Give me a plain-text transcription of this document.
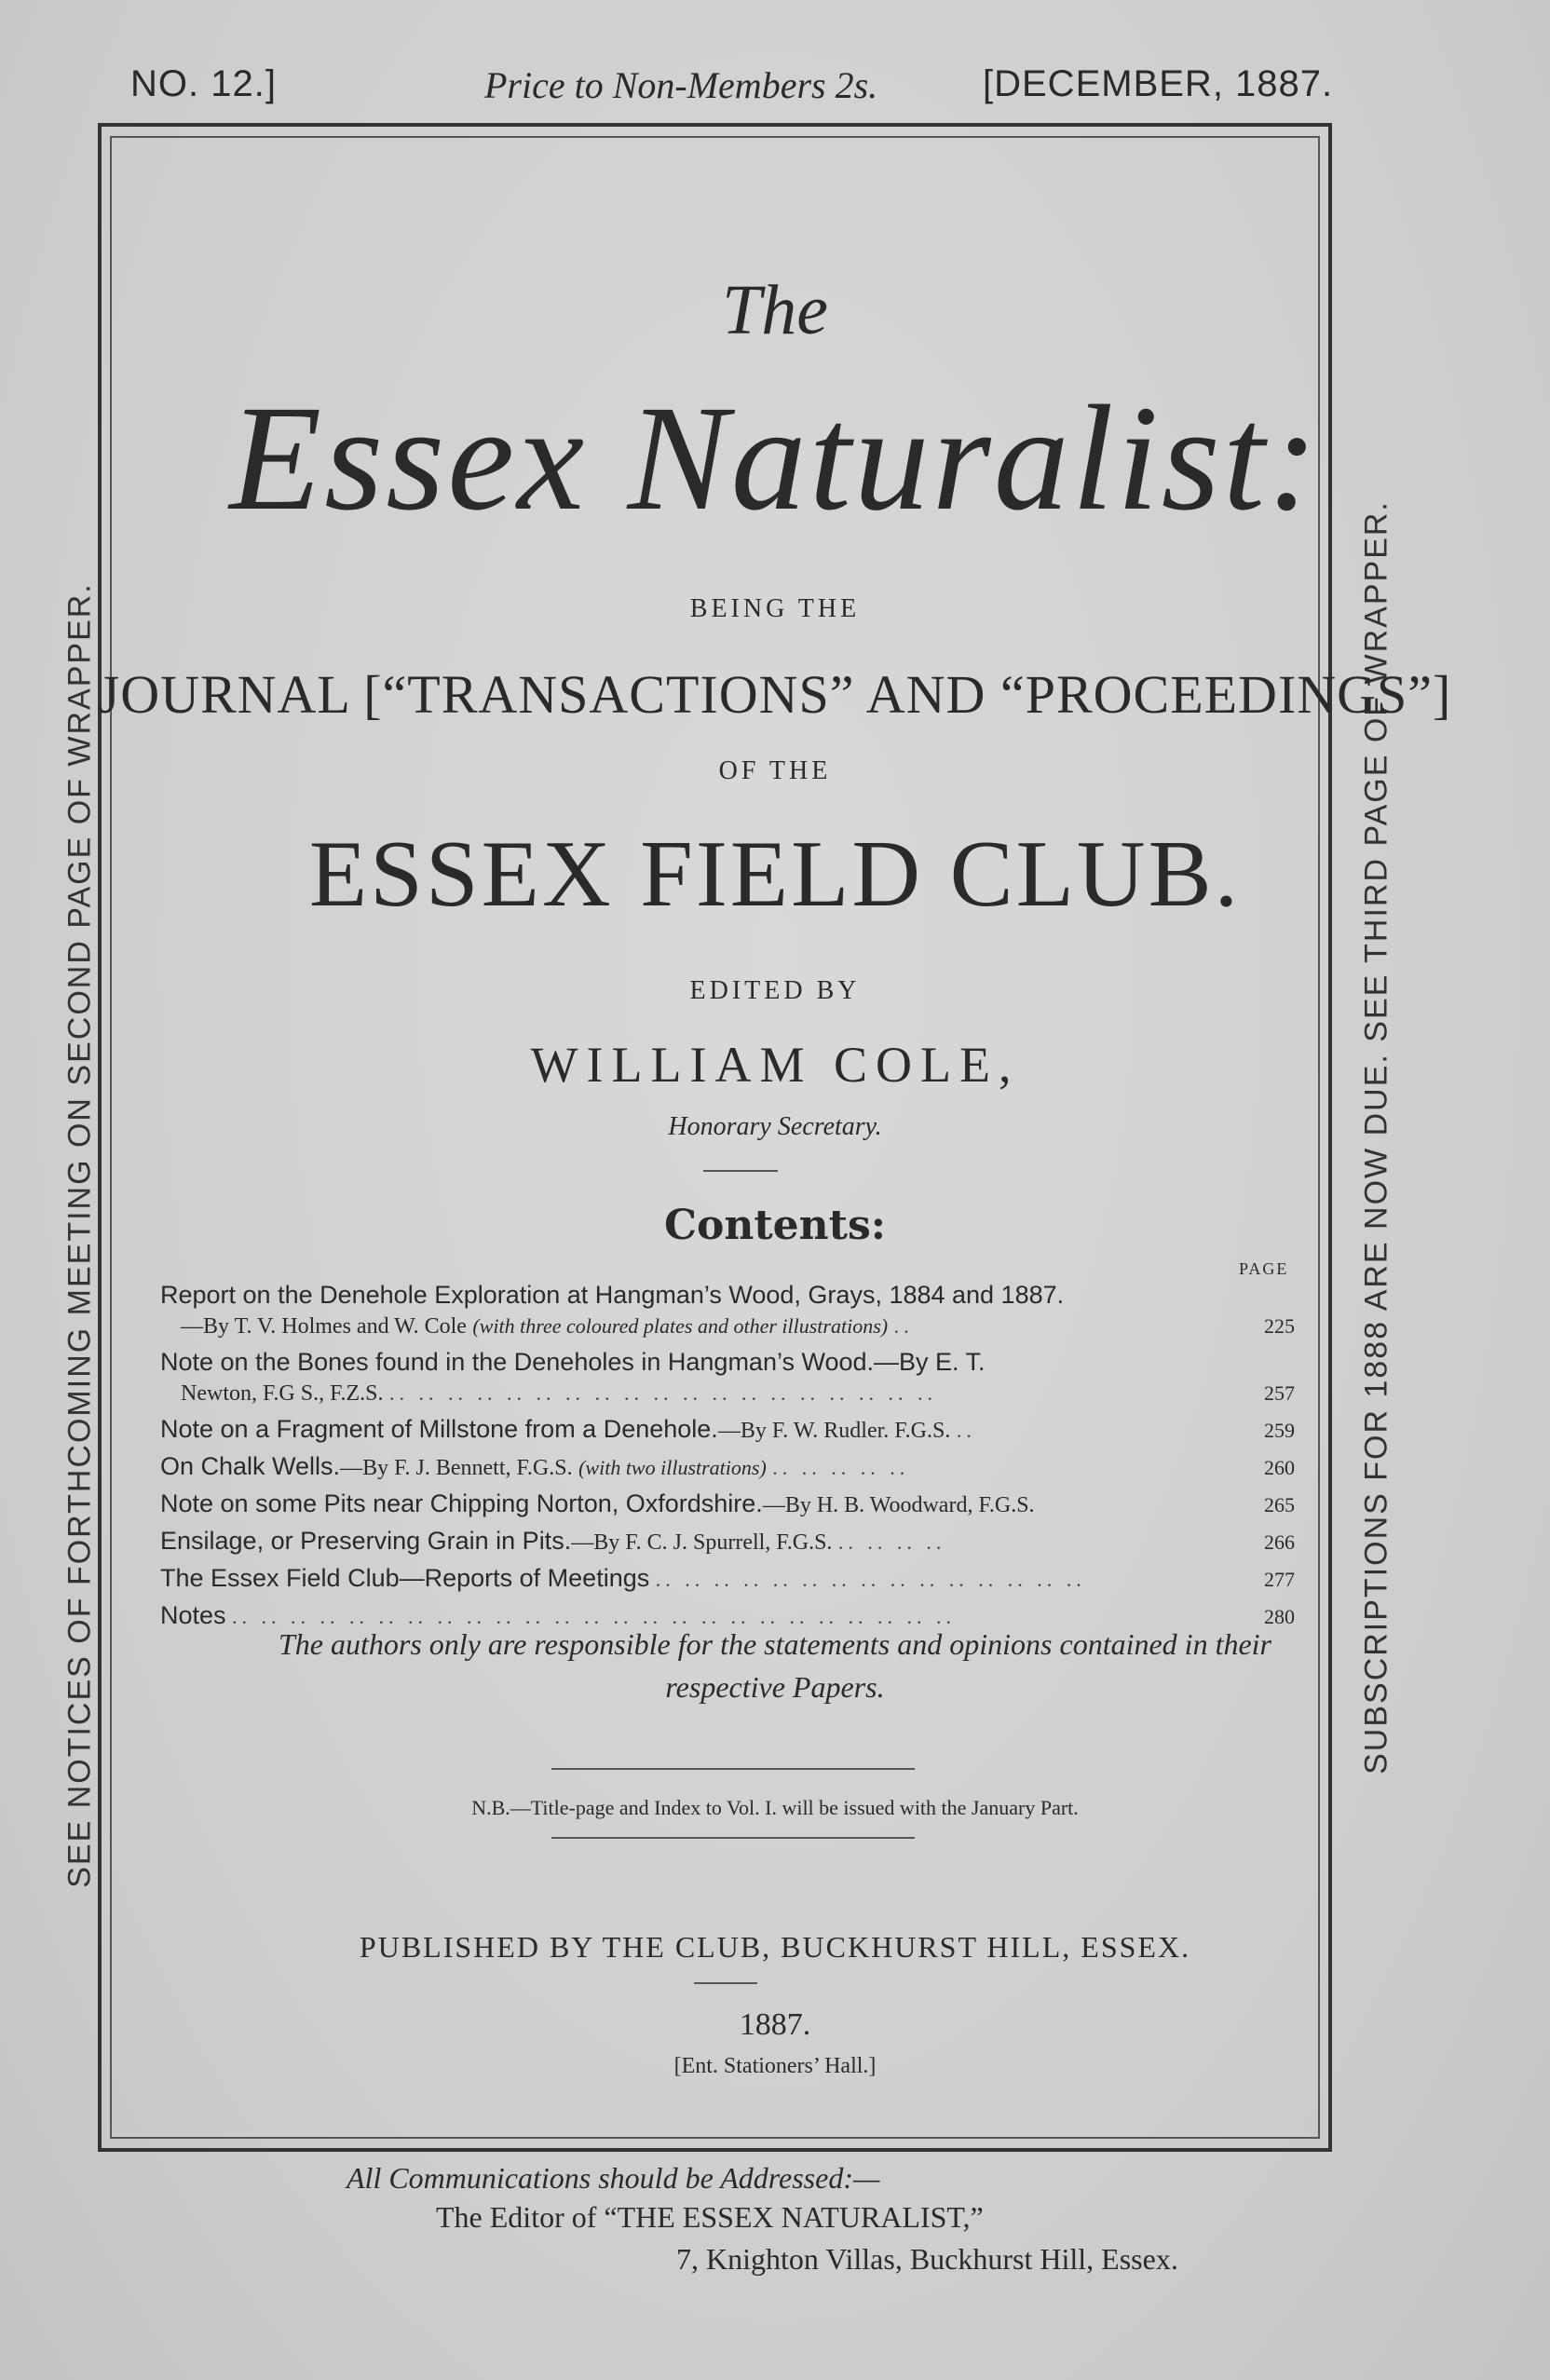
NO. 12.]	Price to Non-Members 2s.	[DECEMBER, 1887.
SEE NOTICES OF FORTHCOMING MEETING ON SECOND PAGE OF WRAPPER.	SUBSCRIPTIONS FOR 1888 ARE NOW DUE. SEE THIRD PAGE OF WRAPPER.
The
Essex Naturalist:
BEING THE
JOURNAL [“TRANSACTIONS” AND “PROCEEDINGS”]
OF THE
ESSEX FIELD CLUB.
EDITED BY
WILLIAM COLE,
Honorary Secretary.
Contents:
PAGE
Report on the Denehole Exploration at Hangman’s Wood, Grays, 1884 and 1887.
—By T. V. Holmes and W. Cole (with three coloured plates and other illustrations) ..	225
Note on the Bones found in the Deneholes in Hangman’s Wood.—By E. T.
Newton, F.G S., F.Z.S. .. .. .. .. .. .. .. .. .. .. .. .. .. .. .. .. .. .. ..	257
Note on a Fragment of Millstone from a Denehole.—By F. W. Rudler. F.G.S. ..	259
On Chalk Wells.—By F. J. Bennett, F.G.S. (with two illustrations) .. .. .. .. ..	260
Note on some Pits near Chipping Norton, Oxfordshire.—By H. B. Woodward, F.G.S.	265
Ensilage, or Preserving Grain in Pits.—By F. C. J. Spurrell, F.G.S. .. .. .. ..	266
The Essex Field Club—Reports of Meetings .. .. .. .. .. .. .. .. .. .. .. .. .. .. ..	277
Notes .. .. .. .. .. .. .. .. .. .. .. .. .. .. .. .. .. .. .. .. .. .. .. .. ..	280
The authors only are responsible for the statements and opinions contained in their
respective Papers.
N.B.—Title-page and Index to Vol. I. will be issued with the January Part.
PUBLISHED BY THE CLUB, BUCKHURST HILL, ESSEX.
1887.
[Ent. Stationers’ Hall.]
All Communications should be Addressed:—
The Editor of “THE ESSEX NATURALIST,”
7, Knighton Villas, Buckhurst Hill, Essex.
